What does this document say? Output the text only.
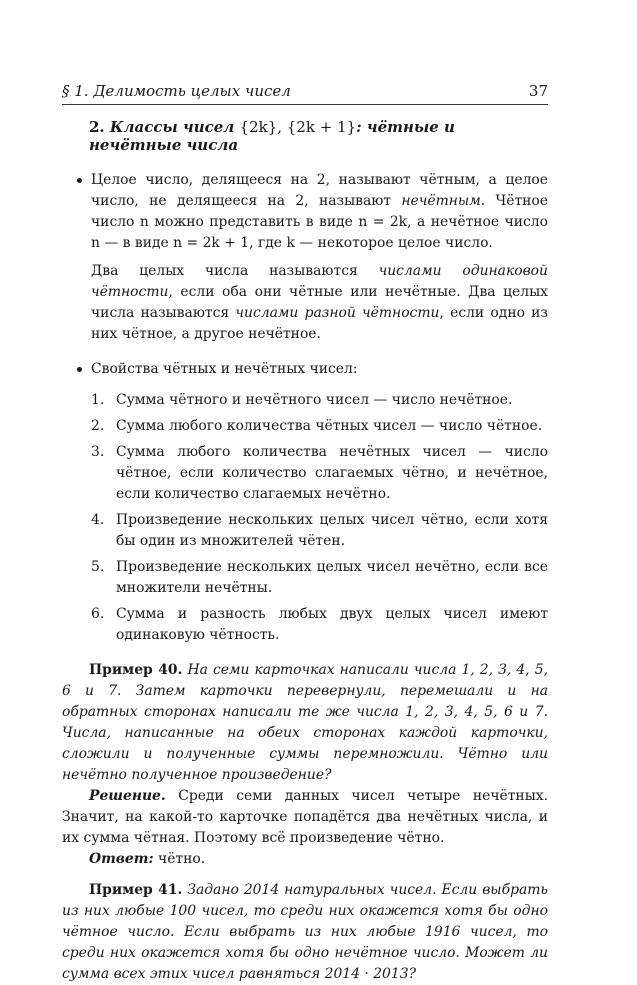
§ 1. Делимость целых чисел	37
2. Классы чисел {2k}, {2k + 1}: чётные и нечётные числа

Целое число, делящееся на 2, называют чётным, а целое число, не делящееся на 2, называют нечётным. Чётное число n можно представить в виде n = 2k, а нечётное число n — в виде n = 2k + 1, где k — некоторое целое число.

Два целых числа называются числами одинаковой чётности, если оба они чётные или нечётные. Два целых числа называются числами разной чётности, если одно из них чётное, а другое нечётное.

Свойства чётных и нечётных чисел:

1. Сумма чётного и нечётного чисел — число нечётное.
2. Сумма любого количества чётных чисел — число чётное.
3. Сумма любого количества нечётных чисел — число чётное, если количество слагаемых чётно, и нечётное, если количество слагаемых нечётно.
4. Произведение нескольких целых чисел чётно, если хотя бы один из множителей чётен.
5. Произведение нескольких целых чисел нечётно, если все множители нечётны.
6. Сумма и разность любых двух целых чисел имеют одинаковую чётность.
Пример 40. На семи карточках написали числа 1, 2, 3, 4, 5, 6 и 7. Затем карточки перевернули, перемешали и на обратных сторонах написали те же числа 1, 2, 3, 4, 5, 6 и 7. Числа, написанные на обеих сторонах каждой карточки, сложили и полученные суммы перемножили. Чётно или нечётно полученное произведение?
Решение. Среди семи данных чисел четыре нечётных. Значит, на какой-то карточке попадётся два нечётных числа, и их сумма чётная. Поэтому всё произведение чётно.
Ответ: чётно.
Пример 41. Задано 2014 натуральных чисел. Если выбрать из них любые 100 чисел, то среди них окажется хотя бы одно чётное число. Если выбрать из них любые 1916 чисел, то среди них окажется хотя бы одно нечётное число. Может ли сумма всех этих чисел равняться 2014 · 2013?
